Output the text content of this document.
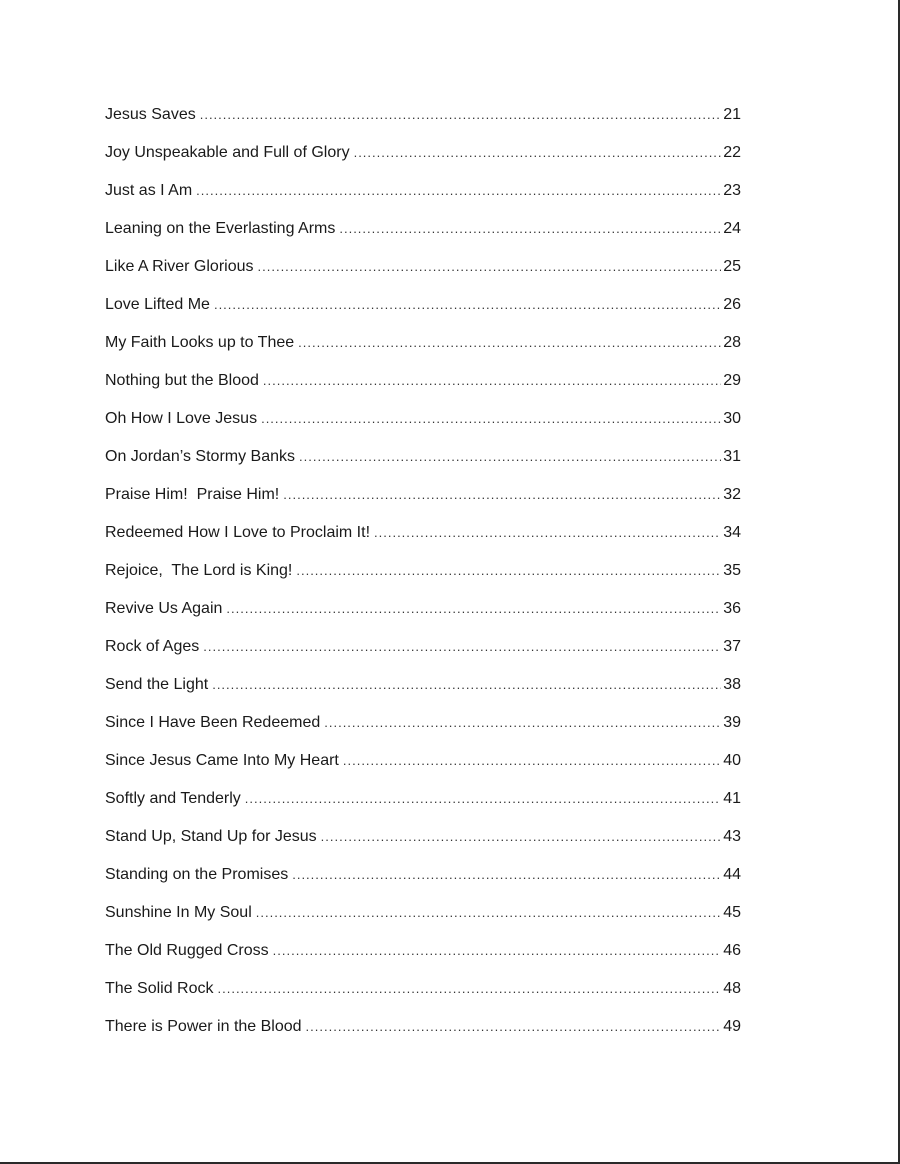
Jesus Saves .....	21
Joy Unspeakable and Full of Glory .....	22
Just as I Am .....	23
Leaning on the Everlasting Arms .....	24
Like A River Glorious .....	25
Love Lifted Me .....	26
My Faith Looks up to Thee .....	28
Nothing but the Blood .....	29
Oh How I Love Jesus .....	30
On Jordan’s Stormy Banks .....	31
Praise Him!  Praise Him! .....	32
Redeemed How I Love to Proclaim It! .....	34
Rejoice,  The Lord is King! .....	35
Revive Us Again .....	36
Rock of Ages .....	37
Send the Light .....	38
Since I Have Been Redeemed .....	39
Since Jesus Came Into My Heart .....	40
Softly and Tenderly .....	41
Stand Up, Stand Up for Jesus .....	43
Standing on the Promises .....	44
Sunshine In My Soul .....	45
The Old Rugged Cross .....	46
The Solid Rock .....	48
There is Power in the Blood .....	49
